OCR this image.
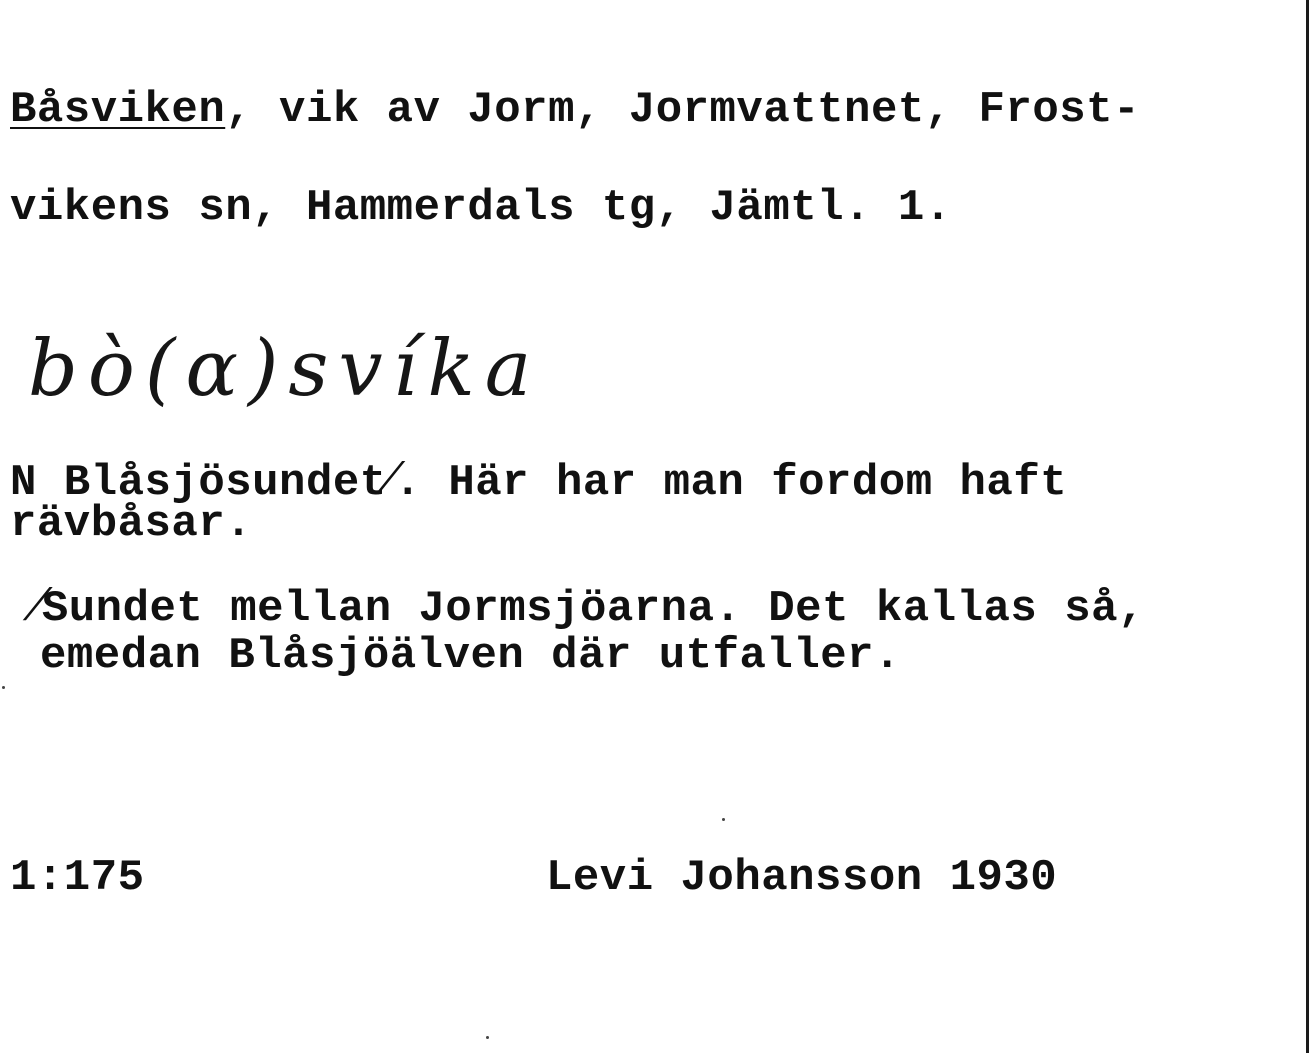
Båsviken, vik av Jorm, Jormvattnet, Frost-
vikens sn, Hammerdals tg, Jämtl. 1.
bò(ɑ)svíka
N Blåsjösundet⁄. Här har man fordom haft
rävbåsar.
⁄Sundet mellan Jormsjöarna. Det kallas så,
emedan Blåsjöälven där utfaller.
1:175	Levi Johansson 1930
